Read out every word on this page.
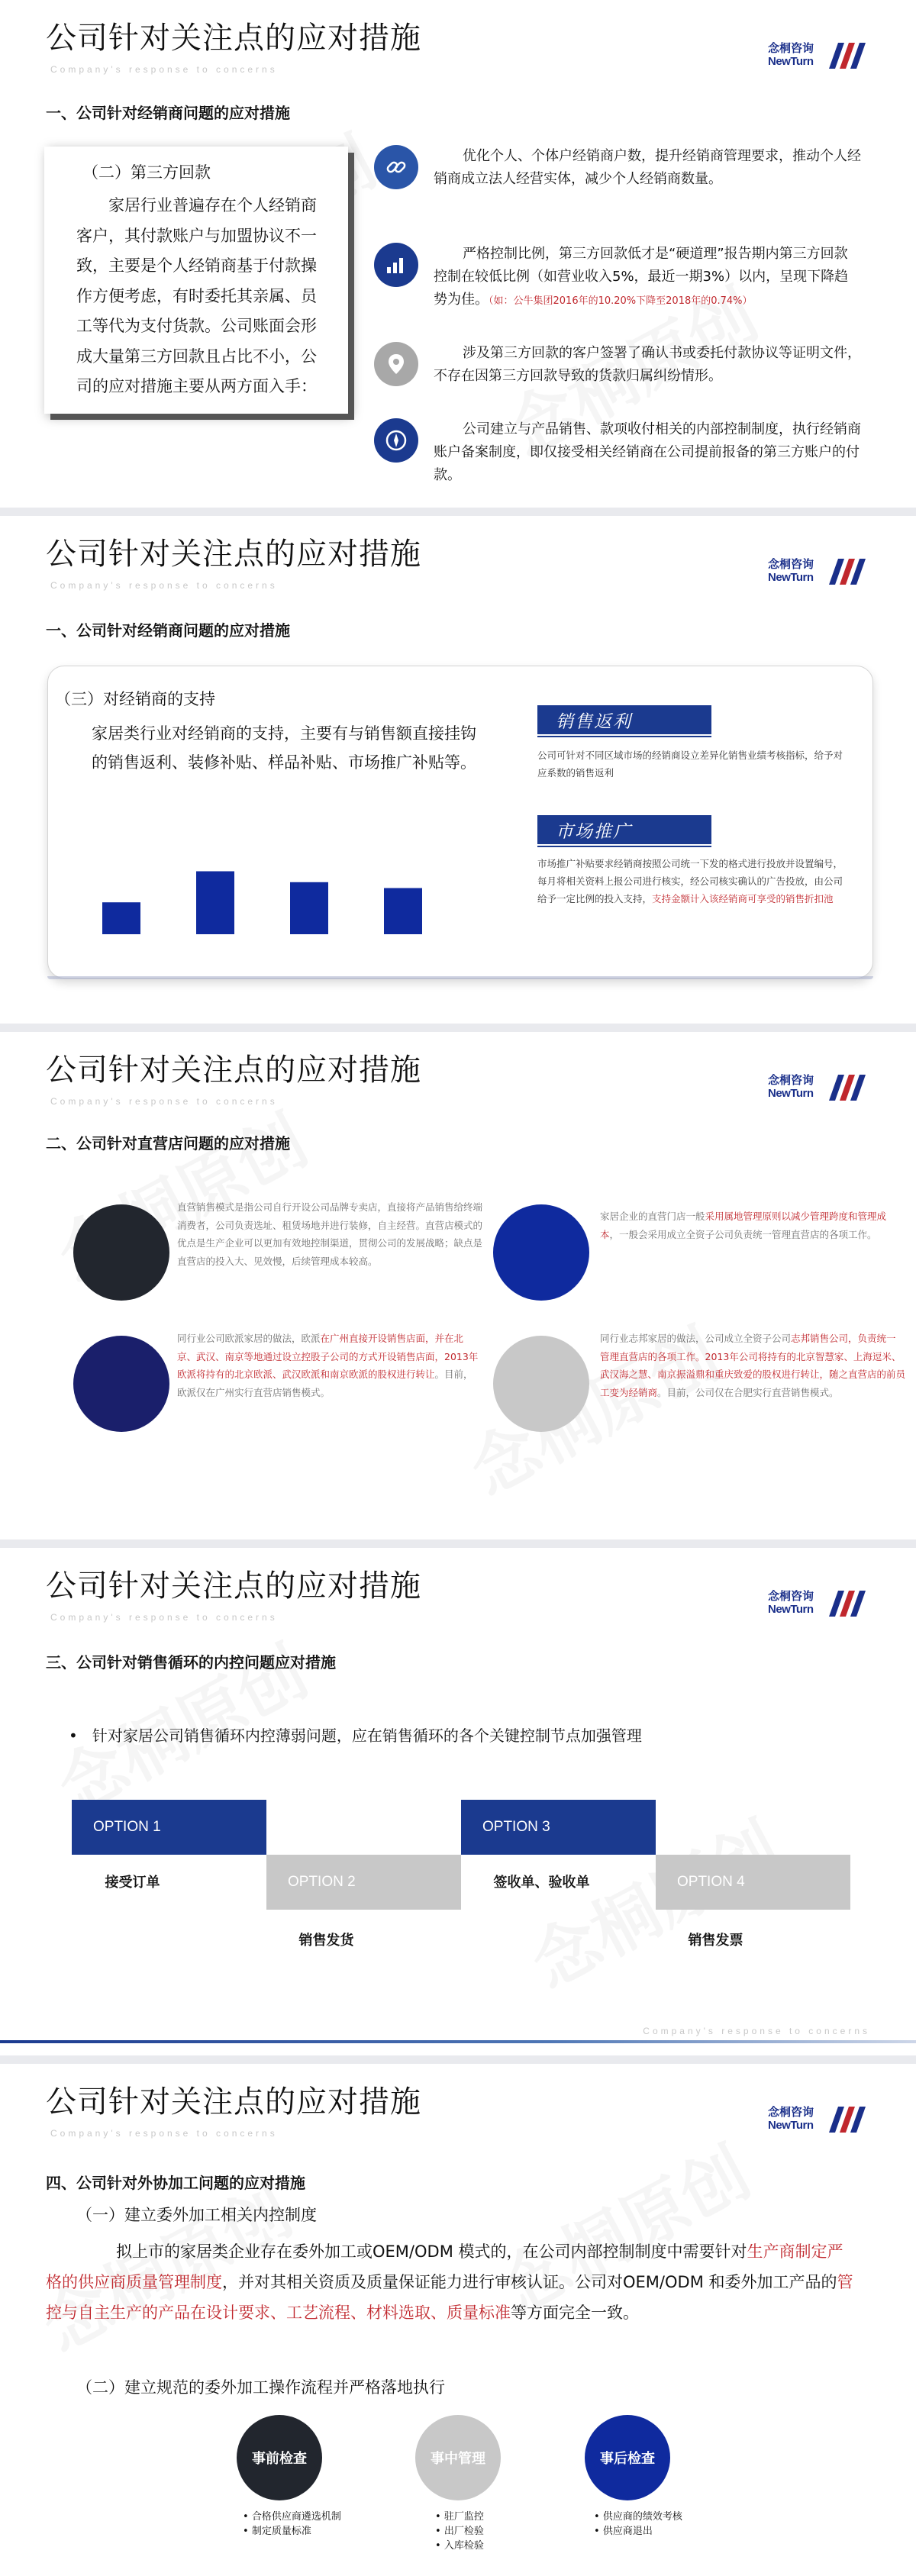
公司针对关注点的应对措施
Company's response to concerns
念桐咨询
NewTurn
一、公司针对经销商问题的应对措施
（二）第三方回款
家居行业普遍存在个人经销商客户，其付款账户与加盟协议不一致，主要是个人经销商基于付款操作方便考虑，有时委托其亲属、员工等代为支付货款。公司账面会形成大量第三方回款且占比不小，公司的应对措施主要从两方面入手：
优化个人、个体户经销商户数，提升经销商管理要求，推动个人经销商成立法人经营实体，减少个人经销商数量。
严格控制比例，第三方回款低才是“硬道理”报告期内第三方回款控制在较低比例（如营业收入5%，最近一期3%）以内，呈现下降趋势为佳。（如：公牛集团2016年的10.20%下降至2018年的0.74%）
涉及第三方回款的客户签署了确认书或委托付款协议等证明文件，不存在因第三方回款导致的货款归属纠纷情形。
公司建立与产品销售、款项收付相关的内部控制制度，执行经销商账户备案制度，即仅接受相关经销商在公司提前报备的第三方账户的付款。
公司针对关注点的应对措施
Company's response to concerns
念桐咨询
NewTurn
一、公司针对经销商问题的应对措施
（三）对经销商的支持
家居类行业对经销商的支持，主要有与销售额直接挂钩的销售返利、装修补贴、样品补贴、市场推广补贴等。
销售返利
公司可针对不同区域市场的经销商设立差异化销售业绩考核指标，给予对应系数的销售返利
市场推广
市场推广补贴要求经销商按照公司统一下发的格式进行投放并设置编号，每月将相关资料上报公司进行核实，经公司核实确认的广告投放，由公司给予一定比例的投入支持，支持金额计入该经销商可享受的销售折扣池
公司针对关注点的应对措施
Company's response to concerns
念桐咨询
NewTurn
二、公司针对直营店问题的应对措施
直营销售模式是指公司自行开设公司品牌专卖店，直接将产品销售给终端消费者，公司负责选址、租赁场地并进行装修，自主经营。直营店模式的优点是生产企业可以更加有效地控制渠道，贯彻公司的发展战略；缺点是直营店的投入大、见效慢，后续管理成本较高。
家居企业的直营门店一般采用属地管理原则以减少管理跨度和管理成本，一般会采用成立全资子公司负责统一管理直营店的各项工作。
同行业公司欧派家居的做法，欧派在广州直接开设销售店面，并在北京、武汉、南京等地通过设立控股子公司的方式开设销售店面，2013年欧派将持有的北京欧派、武汉欧派和南京欧派的股权进行转让。目前，欧派仅在广州实行直营店销售模式。
同行业志邦家居的做法，公司成立全资子公司志邦销售公司，负责统一管理直营店的各项工作。2013年公司将持有的北京智慧家、上海逗米、武汉海之慧、南京振溢鼎和重庆致爱的股权进行转让，随之直营店的前员工变为经销商。目前，公司仅在合肥实行直营销售模式。
公司针对关注点的应对措施
Company's response to concerns
念桐咨询
NewTurn
三、公司针对销售循环的内控问题应对措施
•   针对家居公司销售循环内控薄弱问题，应在销售循环的各个关键控制节点加强管理
OPTION 1
接受订单	OPTION 2
销售发货
OPTION 3
签收单、验收单	OPTION 4
销售发票
Company's response to concerns
公司针对关注点的应对措施
Company's response to concerns
念桐咨询
NewTurn
四、公司针对外协加工问题的应对措施
（一）建立委外加工相关内控制度
拟上市的家居类企业存在委外加工或OEM/ODM 模式的，在公司内部控制制度中需要针对生产商制定严格的供应商质量管理制度，并对其相关资质及质量保证能力进行审核认证。公司对OEM/ODM 和委外加工产品的管控与自主生产的产品在设计要求、工艺流程、材料选取、质量标准等方面完全一致。
（二）建立规范的委外加工操作流程并严格落地执行
事前检查
• 合格供应商遴选机制
• 制定质量标准
事中管理
• 驻厂监控
• 出厂检验
• 入库检验
事后检查
• 供应商的绩效考核
• 供应商退出
